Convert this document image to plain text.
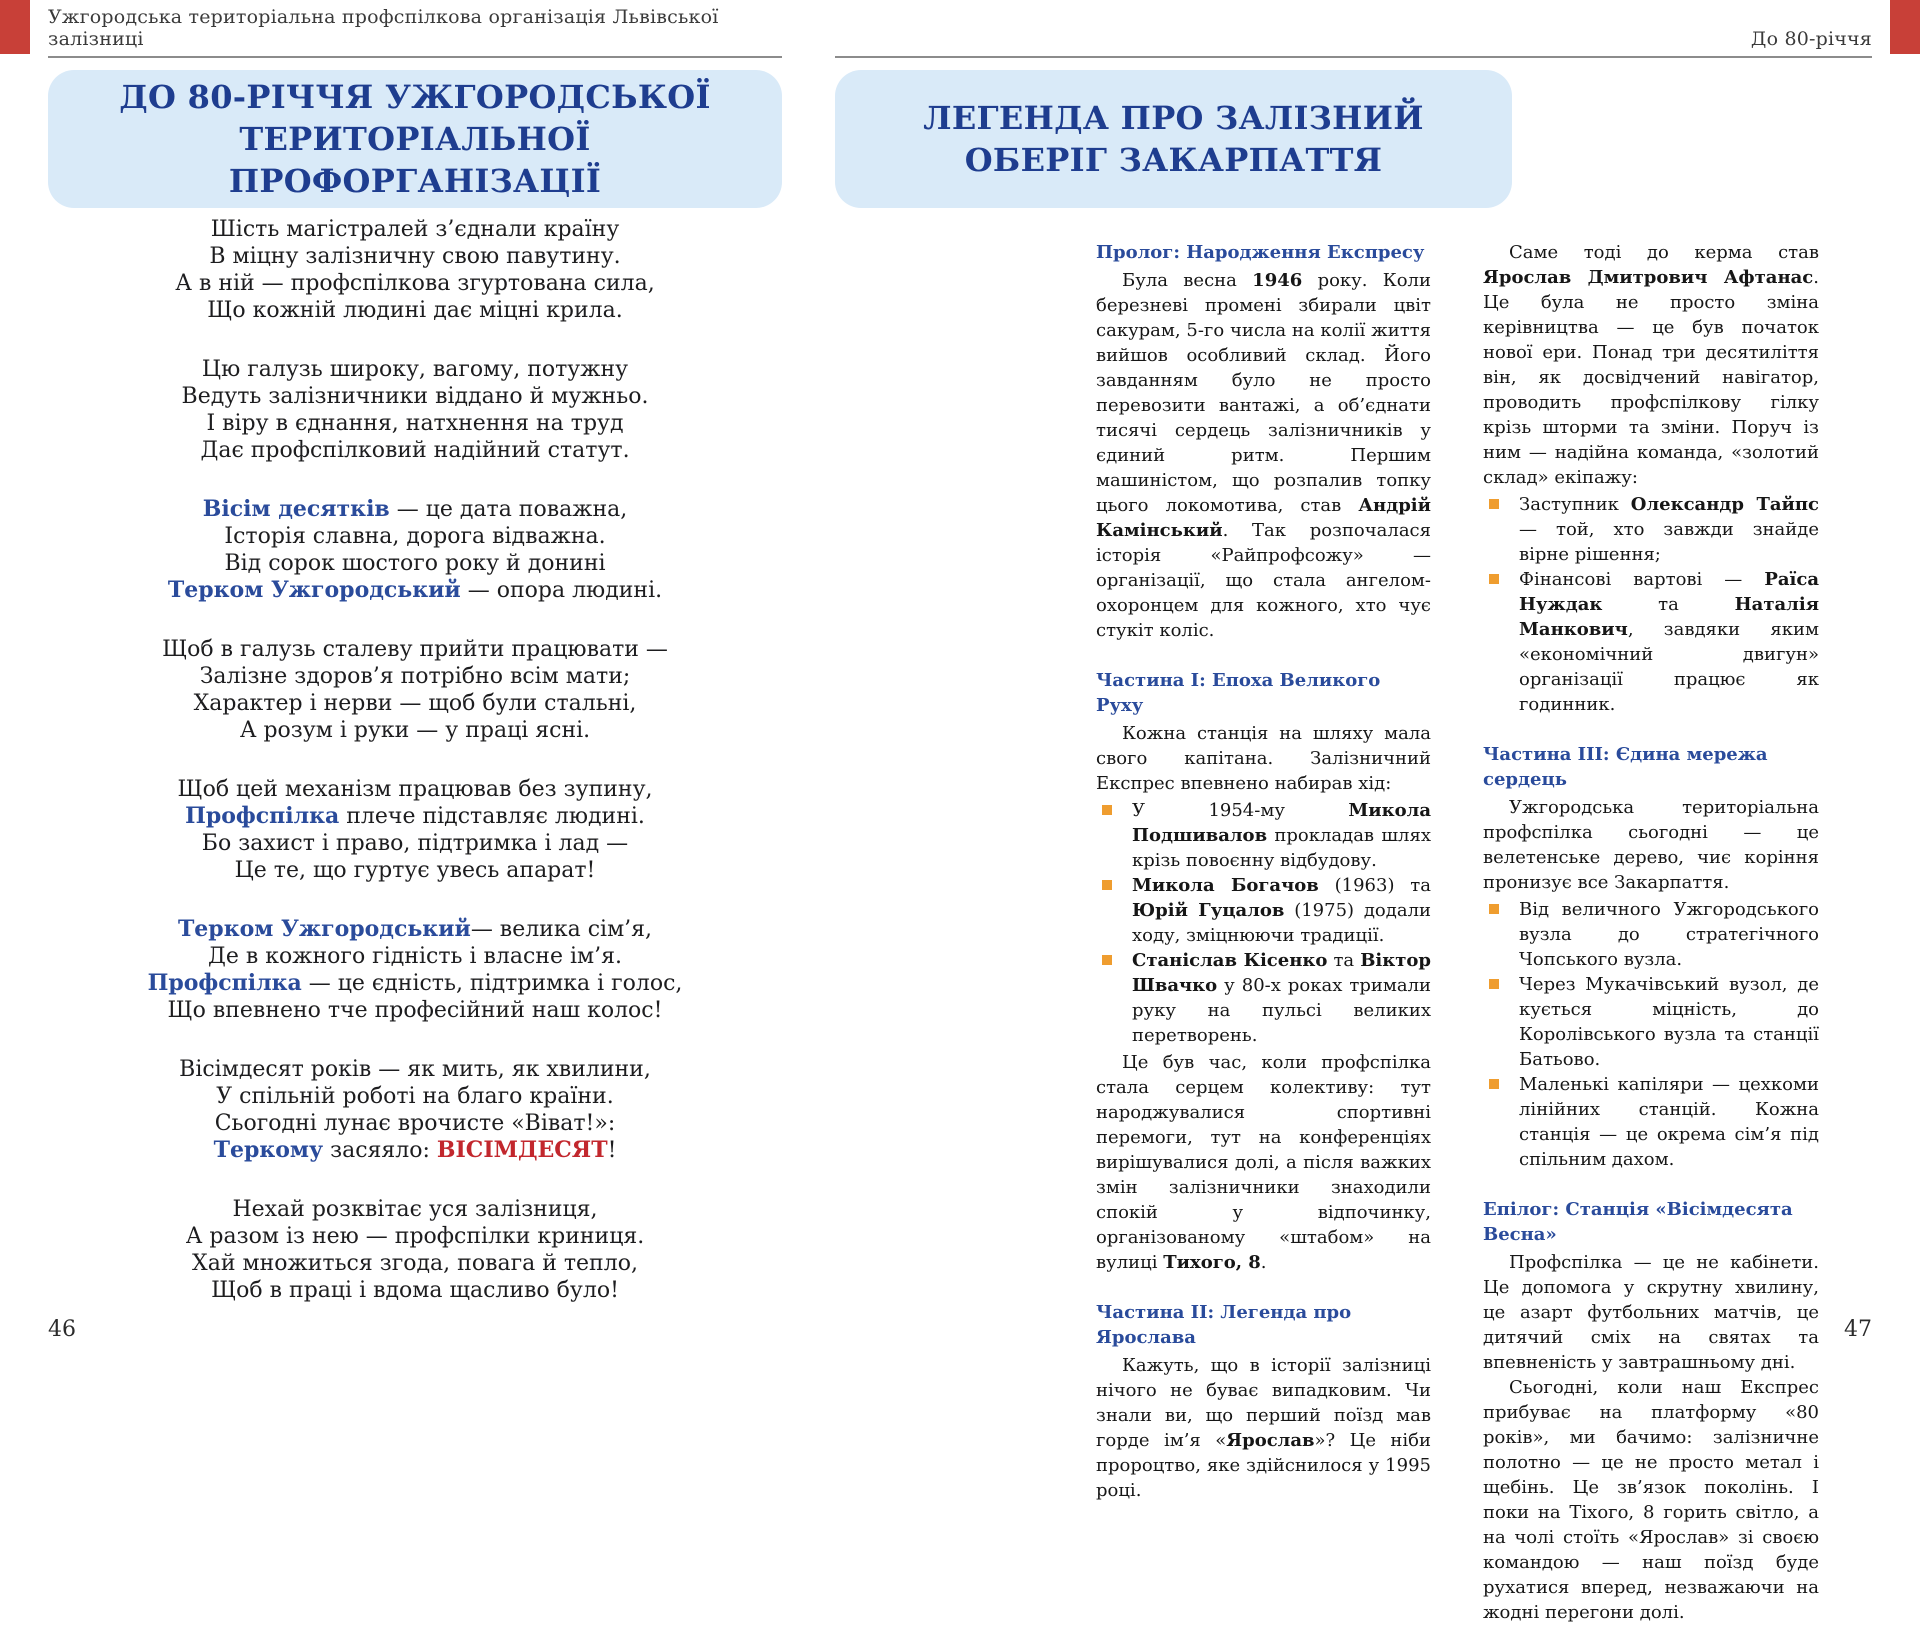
Ужгородська територіальна профспілкова організація Львівської залізниці	До 80-річчя
ДО 80-РІЧЧЯ УЖГОРОДСЬКОЇ
ТЕРИТОРІАЛЬНОЇ ПРОФОРГАНІЗАЦІЇ
ЛЕГЕНДА ПРО ЗАЛІЗНИЙ
ОБЕРІГ ЗАКАРПАТТЯ
Шість магістралей з’єднали країну
В міцну залізничну свою павутину.
А в ній — профспілкова згуртована сила,
Що кожній людині дає міцні крила.
Цю галузь широку, вагому, потужну
Ведуть залізничники віддано й мужньо.
І віру в єднання, натхнення на труд
Дає профспілковий надійний статут.
Вісім десятків — це дата поважна,
Історія славна, дорога відважна.
Від сорок шостого року й донині
Терком Ужгородський — опора людині.
Щоб в галузь сталеву прийти працювати —
Залізне здоров’я потрібно всім мати;
Характер і нерви — щоб були стальні,
А розум і руки — у праці ясні.
Щоб цей механізм працював без зупину,
Профспілка плече підставляє людині.
Бо захист і право, підтримка і лад —
Це те, що гуртує увесь апарат!
Терком Ужгородський— велика сім’я,
Де в кожного гідність і власне ім’я.
Профспілка — це єдність, підтримка і голос,
Що впевнено тче професійний наш колос!
Вісімдесят років — як мить, як хвилини,
У спільній роботі на благо країни.
Сьогодні лунає врочисте «Віват!»:
Теркому засяяло: ВІСІМДЕСЯТ!
Нехай розквітає уся залізниця,
А разом із нею — профспілки криниця.
Хай множиться згода, повага й тепло,
Щоб в праці і вдома щасливо було!
Пролог: Народження Експресу
Була весна 1946 року. Коли березневі промені збирали цвіт сакурам, 5-го числа на колії життя вийшов особливий склад. Його завданням було не просто перевозити вантажі, а об’єднати тисячі сердець залізничників у єдиний ритм. Першим машиністом, що розпалив топку цього локомотива, став Андрій Камінський. Так розпочалася історія «Райпрофсожу» — організації, що стала ангелом-охоронцем для кожного, хто чує стукіт коліс.
Частина I: Епоха Великого Руху
Кожна станція на шляху мала свого капітана. Залізничний Експрес впевнено набирав хід:
У 1954-му Микола Подшивалов прокладав шлях крізь повоєнну відбудову.
Микола Богачов (1963) та Юрій Гуцалов (1975) додали ходу, зміцнюючи традиції.
Станіслав Кісенко та Віктор Швачко у 80-х роках тримали руку на пульсі великих перетворень.
Це був час, коли профспілка стала серцем колективу: тут народжувалися спортивні перемоги, тут на конференціях вирішувалися долі, а після важких змін залізничники знаходили спокій у відпочинку, організованому «штабом» на вулиці Тихого, 8.
Частина II: Легенда про Ярослава
Кажуть, що в історії залізниці нічого не буває випадковим. Чи знали ви, що перший поїзд мав горде ім’я «Ярослав»? Це ніби пророцтво, яке здійснилося у 1995 році.
Саме тоді до керма став Ярослав Дмитрович Афтанас. Це була не просто зміна керівництва — це був початок нової ери. Понад три десятиліття він, як досвідчений навігатор, проводить профспілкову гілку крізь шторми та зміни. Поруч із ним — надійна команда, «золотий склад» екіпажу:
Заступник Олександр Тайпс — той, хто завжди знайде вірне рішення;
Фінансові вартові — Раїса Нуждак та Наталія Манкович, завдяки яким «економічний двигун» організації працює як годинник.
Частина III: Єдина мережа сердець
Ужгородська територіальна профспілка сьогодні — це велетенське дерево, чиє коріння пронизує все Закарпаття.
Від величного Ужгородського вузла до стратегічного Чопського вузла.
Через Мукачівський вузол, де кується міцність, до Королівського вузла та станції Батьово.
Маленькі капіляри — цехкоми лінійних станцій. Кожна станція — це окрема сім’я під спільним дахом.
Епілог: Станція «Вісімдесята Весна»
Профспілка — це не кабінети. Це допомога у скрутну хвилину, це азарт футбольних матчів, це дитячий сміх на святах та впевненість у завтрашньому дні.
Сьогодні, коли наш Експрес прибуває на платформу «80 років», ми бачимо: залізничне полотно — це не просто метал і щебінь. Це зв’язок поколінь. І поки на Тіхого, 8 горить світло, а на чолі стоїть «Ярослав» зі своєю командою — наш поїзд буде рухатися вперед, незважаючи на жодні перегони долі.
46	47
